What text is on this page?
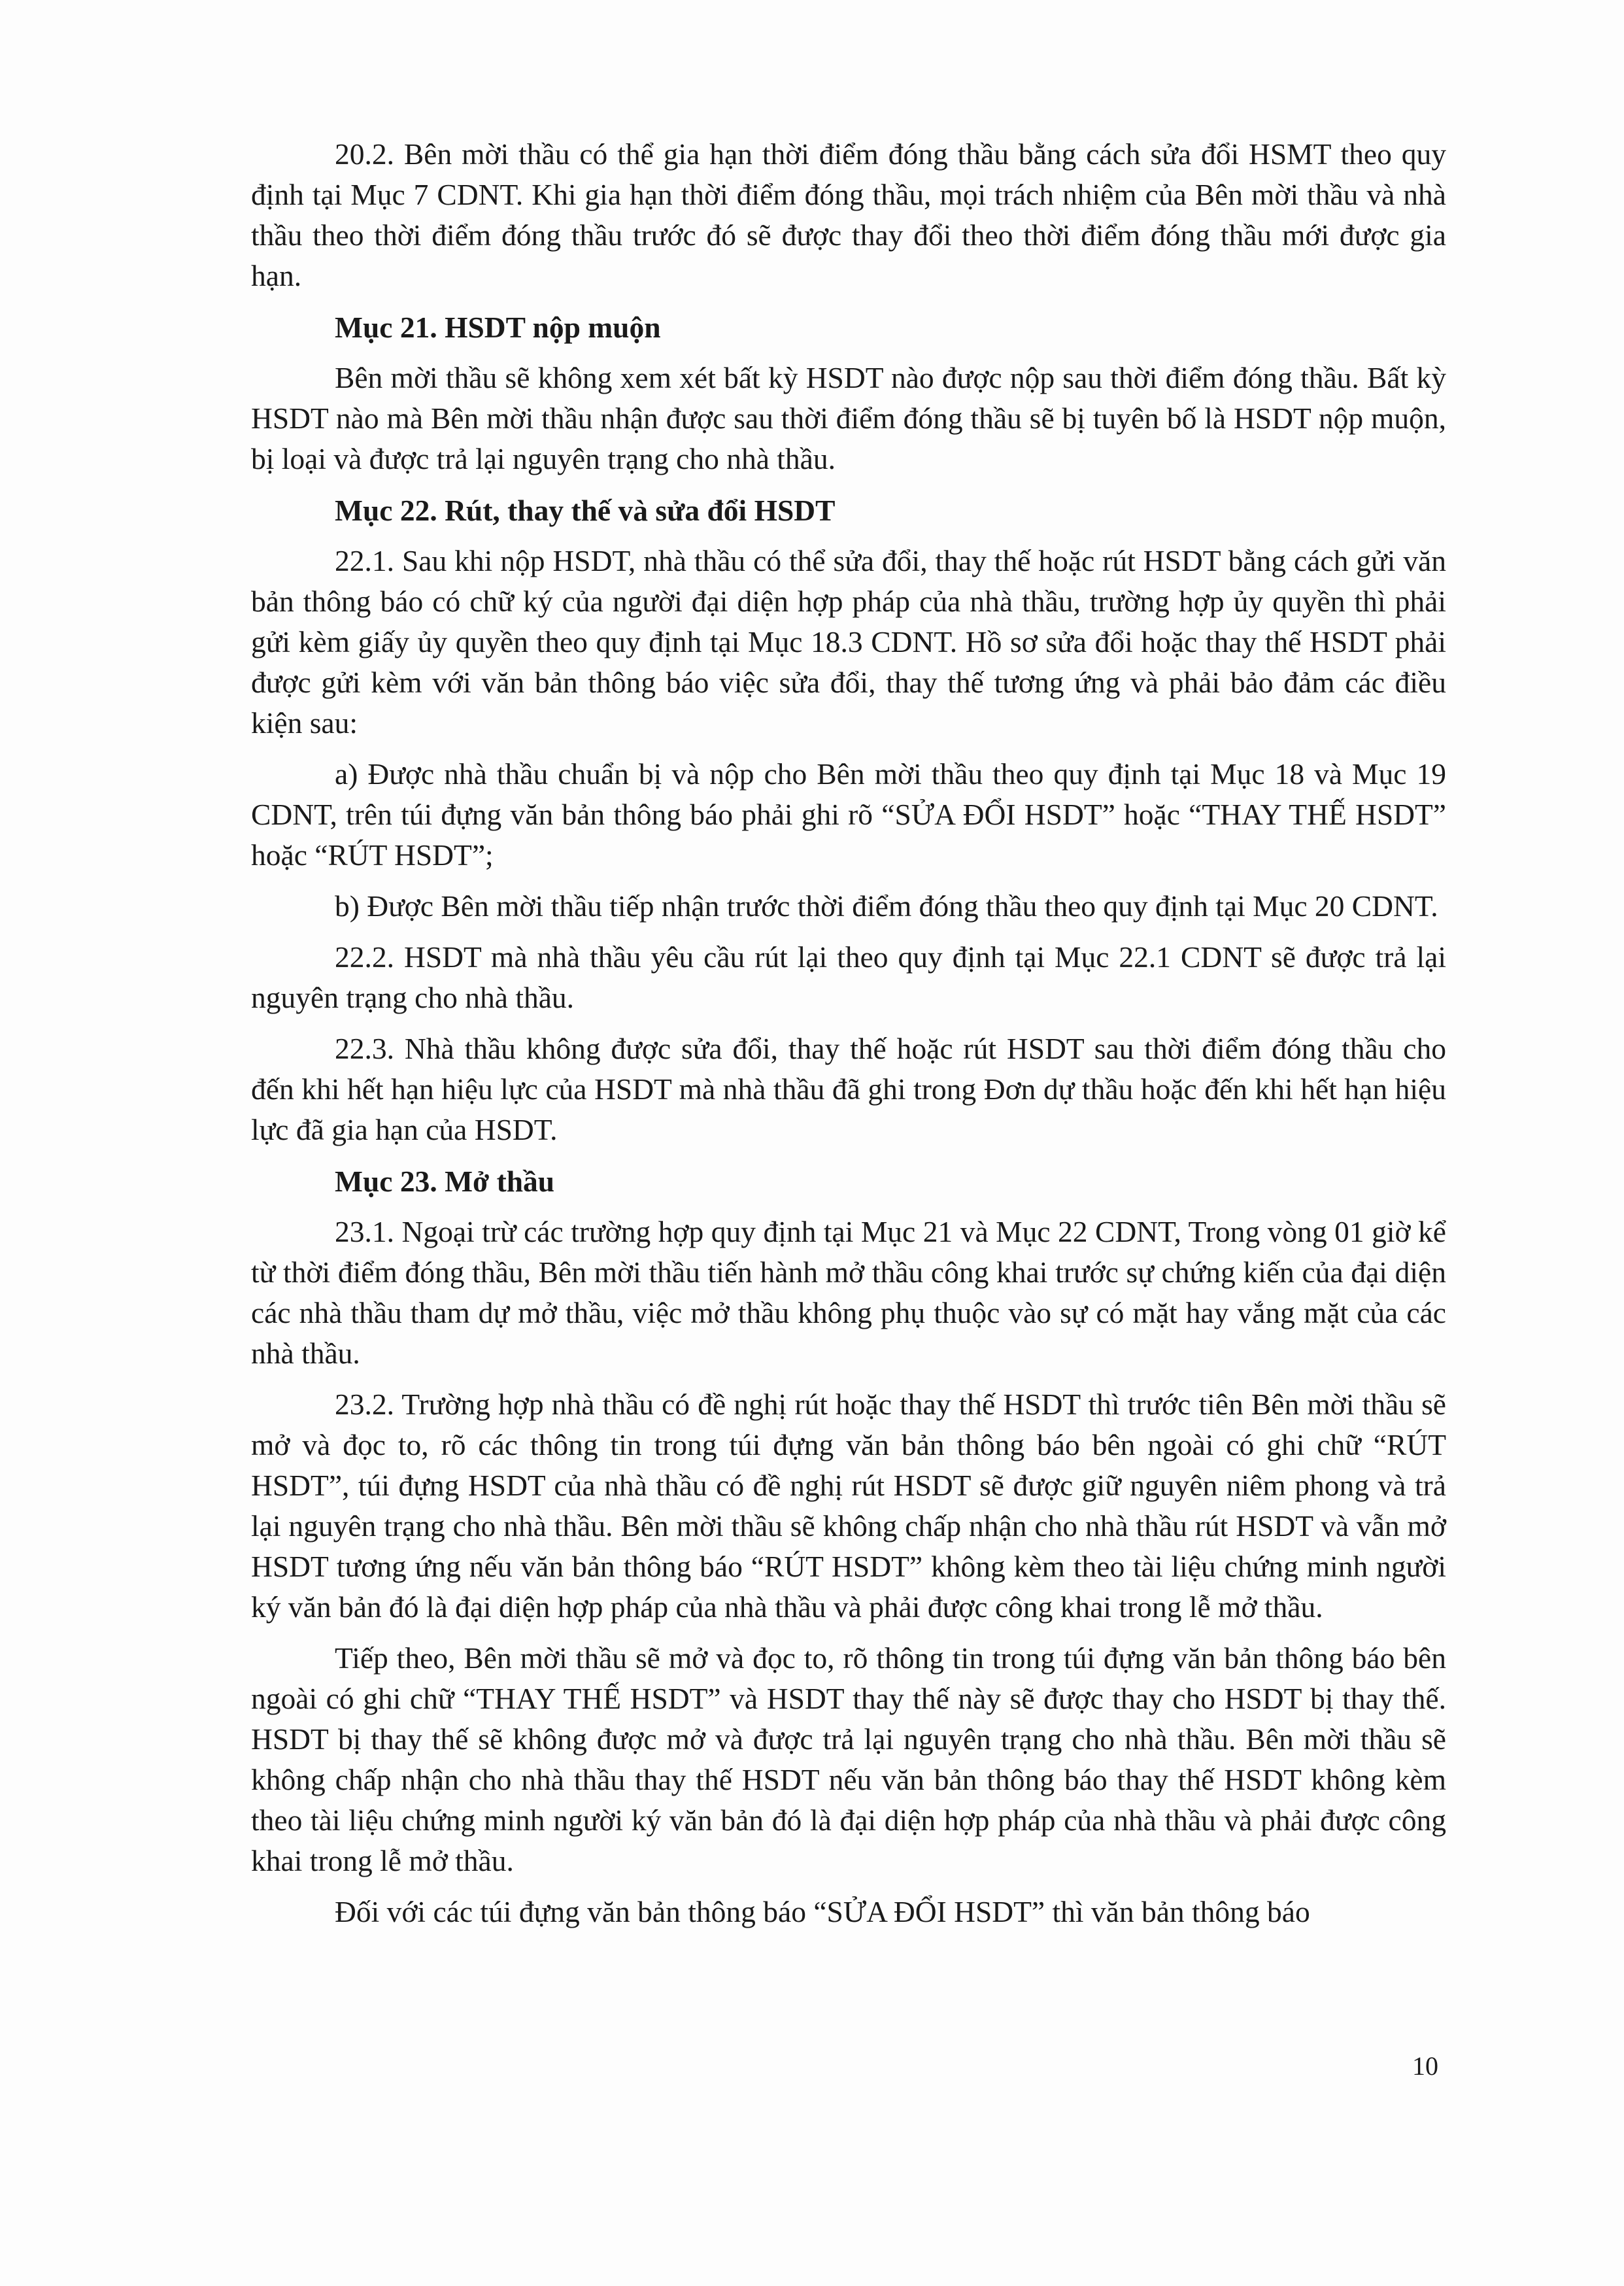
20.2. Bên mời thầu có thể gia hạn thời điểm đóng thầu bằng cách sửa đổi HSMT theo quy định tại Mục 7 CDNT. Khi gia hạn thời điểm đóng thầu, mọi trách nhiệm của Bên mời thầu và nhà thầu theo thời điểm đóng thầu trước đó sẽ được thay đổi theo thời điểm đóng thầu mới được gia hạn.

Mục 21. HSDT nộp muộn

Bên mời thầu sẽ không xem xét bất kỳ HSDT nào được nộp sau thời điểm đóng thầu. Bất kỳ HSDT nào mà Bên mời thầu nhận được sau thời điểm đóng thầu sẽ bị tuyên bố là HSDT nộp muộn, bị loại và được trả lại nguyên trạng cho nhà thầu.

Mục 22. Rút, thay thế và sửa đổi HSDT

22.1. Sau khi nộp HSDT, nhà thầu có thể sửa đổi, thay thế hoặc rút HSDT bằng cách gửi văn bản thông báo có chữ ký của người đại diện hợp pháp của nhà thầu, trường hợp ủy quyền thì phải gửi kèm giấy ủy quyền theo quy định tại Mục 18.3 CDNT. Hồ sơ sửa đổi hoặc thay thế HSDT phải được gửi kèm với văn bản thông báo việc sửa đổi, thay thế tương ứng và phải bảo đảm các điều kiện sau:

a) Được nhà thầu chuẩn bị và nộp cho Bên mời thầu theo quy định tại Mục 18 và Mục 19 CDNT, trên túi đựng văn bản thông báo phải ghi rõ “SỬA ĐỔI HSDT” hoặc “THAY THẾ HSDT” hoặc “RÚT HSDT”;

b) Được Bên mời thầu tiếp nhận trước thời điểm đóng thầu theo quy định tại Mục 20 CDNT.

22.2. HSDT mà nhà thầu yêu cầu rút lại theo quy định tại Mục 22.1 CDNT sẽ được trả lại nguyên trạng cho nhà thầu.

22.3. Nhà thầu không được sửa đổi, thay thế hoặc rút HSDT sau thời điểm đóng thầu cho đến khi hết hạn hiệu lực của HSDT mà nhà thầu đã ghi trong Đơn dự thầu hoặc đến khi hết hạn hiệu lực đã gia hạn của HSDT.

Mục 23. Mở thầu

23.1. Ngoại trừ các trường hợp quy định tại Mục 21 và Mục 22 CDNT, Trong vòng 01 giờ kể từ thời điểm đóng thầu, Bên mời thầu tiến hành mở thầu công khai trước sự chứng kiến của đại diện các nhà thầu tham dự mở thầu, việc mở thầu không phụ thuộc vào sự có mặt hay vắng mặt của các nhà thầu.

23.2. Trường hợp nhà thầu có đề nghị rút hoặc thay thế HSDT thì trước tiên Bên mời thầu sẽ mở và đọc to, rõ các thông tin trong túi đựng văn bản thông báo bên ngoài có ghi chữ “RÚT HSDT”, túi đựng HSDT của nhà thầu có đề nghị rút HSDT sẽ được giữ nguyên niêm phong và trả lại nguyên trạng cho nhà thầu. Bên mời thầu sẽ không chấp nhận cho nhà thầu rút HSDT và vẫn mở HSDT tương ứng nếu văn bản thông báo “RÚT HSDT” không kèm theo tài liệu chứng minh người ký văn bản đó là đại diện hợp pháp của nhà thầu và phải được công khai trong lễ mở thầu.

Tiếp theo, Bên mời thầu sẽ mở và đọc to, rõ thông tin trong túi đựng văn bản thông báo bên ngoài có ghi chữ “THAY THẾ HSDT” và HSDT thay thế này sẽ được thay cho HSDT bị thay thế. HSDT bị thay thế sẽ không được mở và được trả lại nguyên trạng cho nhà thầu. Bên mời thầu sẽ không chấp nhận cho nhà thầu thay thế HSDT nếu văn bản thông báo thay thế HSDT không kèm theo tài liệu chứng minh người ký văn bản đó là đại diện hợp pháp của nhà thầu và phải được công khai trong lễ mở thầu.

Đối với các túi đựng văn bản thông báo “SỬA ĐỔI HSDT” thì văn bản thông báo

10
